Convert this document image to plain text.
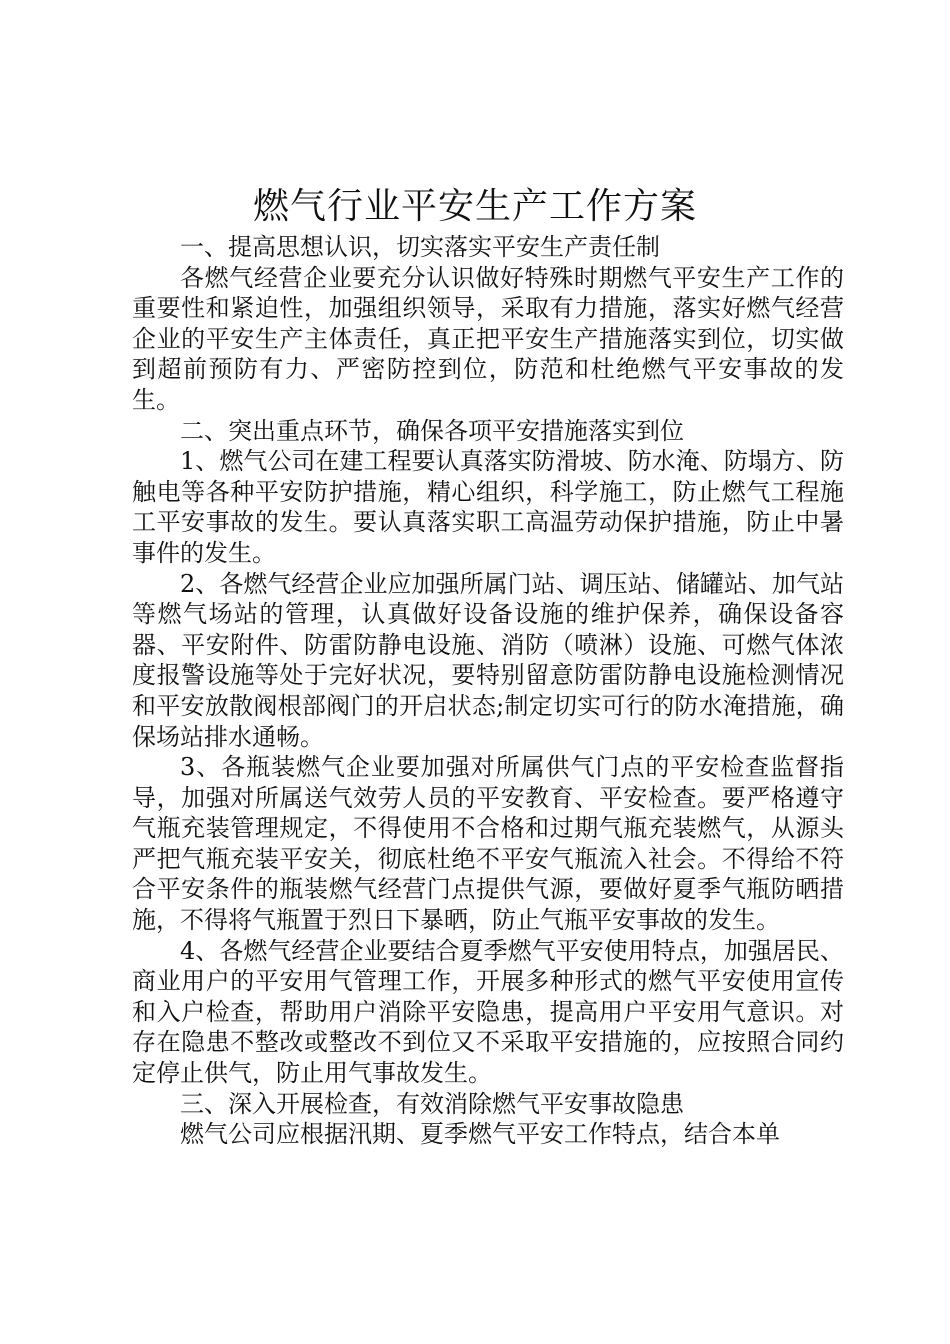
燃气行业平安生产工作方案

一、提高思想认识，切实落实平安生产责任制

各燃气经营企业要充分认识做好特殊时期燃气平安生产工作的重要性和紧迫性，加强组织领导，采取有力措施，落实好燃气经营企业的平安生产主体责任，真正把平安生产措施落实到位，切实做到超前预防有力、严密防控到位，防范和杜绝燃气平安事故的发生。

二、突出重点环节，确保各项平安措施落实到位

1、燃气公司在建工程要认真落实防滑坡、防水淹、防塌方、防触电等各种平安防护措施，精心组织，科学施工，防止燃气工程施工平安事故的发生。要认真落实职工高温劳动保护措施，防止中暑事件的发生。

2、各燃气经营企业应加强所属门站、调压站、储罐站、加气站等燃气场站的管理，认真做好设备设施的维护保养，确保设备容器、平安附件、防雷防静电设施、消防（喷淋）设施、可燃气体浓度报警设施等处于完好状况，要特别留意防雷防静电设施检测情况和平安放散阀根部阀门的开启状态;制定切实可行的防水淹措施，确保场站排水通畅。

3、各瓶装燃气企业要加强对所属供气门点的平安检查监督指导，加强对所属送气效劳人员的平安教育、平安检查。要严格遵守气瓶充装管理规定，不得使用不合格和过期气瓶充装燃气，从源头严把气瓶充装平安关，彻底杜绝不平安气瓶流入社会。不得给不符合平安条件的瓶装燃气经营门点提供气源，要做好夏季气瓶防晒措施，不得将气瓶置于烈日下暴晒，防止气瓶平安事故的发生。

4、各燃气经营企业要结合夏季燃气平安使用特点，加强居民、商业用户的平安用气管理工作，开展多种形式的燃气平安使用宣传和入户检查，帮助用户消除平安隐患，提高用户平安用气意识。对存在隐患不整改或整改不到位又不采取平安措施的，应按照合同约定停止供气，防止用气事故发生。

三、深入开展检查，有效消除燃气平安事故隐患

燃气公司应根据汛期、夏季燃气平安工作特点，结合本单
